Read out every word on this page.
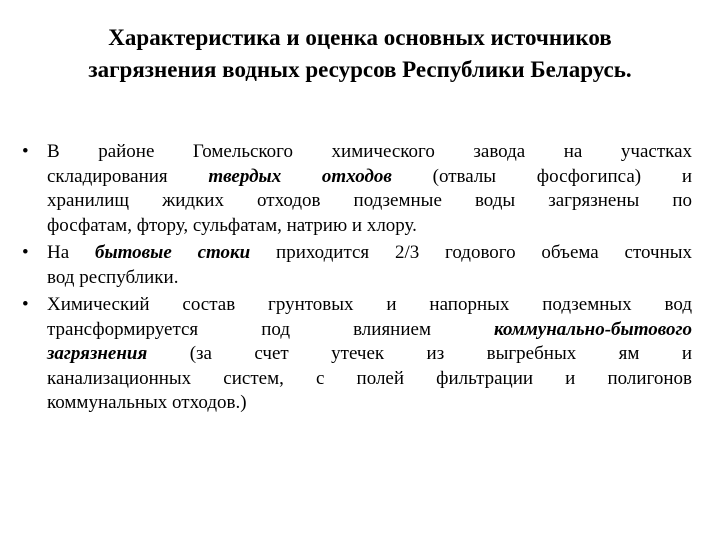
Характеристика и оценка основных источников
загрязнения водных ресурсов Республики Беларусь.
• В районе Гомельского химического завода на участках
складирования твердых отходов (отвалы фосфогипса) и
хранилищ жидких отходов подземные воды загрязнены по
фосфатам, фтору, сульфатам, натрию и хлору.
• На бытовые стоки приходится 2/3 годового объема сточных
вод республики.
• Химический состав грунтовых и напорных подземных вод
трансформируется под влиянием коммунально-бытового
загрязнения (за счет утечек из выгребных ям и
канализационных систем, с полей фильтрации и полигонов
коммунальных отходов.)
